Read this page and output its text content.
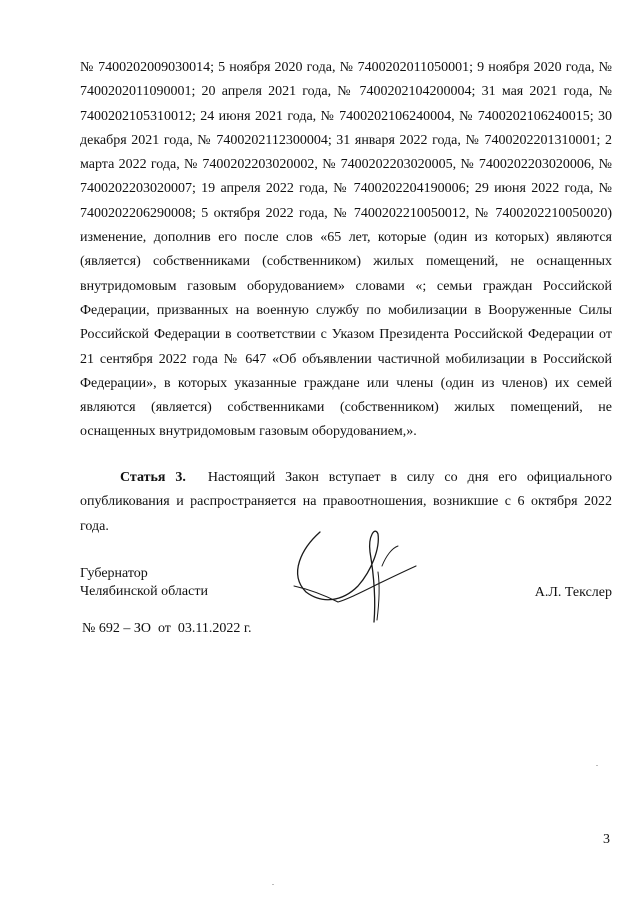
№ 7400202009030014; 5 ноября 2020 года, № 7400202011050001; 9 ноября 2020 года, № 7400202011090001; 20 апреля 2021 года, № 7400202104200004; 31 мая 2021 года, № 7400202105310012; 24 июня 2021 года, № 7400202106240004, № 7400202106240015; 30 декабря 2021 года, № 7400202112300004; 31 января 2022 года, № 7400202201310001; 2 марта 2022 года, № 7400202203020002, № 7400202203020005, № 7400202203020006, № 7400202203020007; 19 апреля 2022 года, № 7400202204190006; 29 июня 2022 года, № 7400202206290008; 5 октября 2022 года, № 7400202210050012, № 7400202210050020) изменение, дополнив его после слов «65 лет, которые (один из которых) являются (является) собственниками (собственником) жилых помещений, не оснащенных внутридомовым газовым оборудованием» словами «; семьи граждан Российской Федерации, призванных на военную службу по мобилизации в Вооруженные Силы Российской Федерации в соответствии с Указом Президента Российской Федерации от 21 сентября 2022 года № 647 «Об объявлении частичной мобилизации в Российской Федерации», в которых указанные граждане или члены (один из членов) их семей являются (является) собственниками (собственником) жилых помещений, не оснащенных внутридомовым газовым оборудованием,».

Статья 3. Настоящий Закон вступает в силу со дня его официального опубликования и распространяется на правоотношения, возникшие с 6 октября 2022 года.

Губернатор
Челябинской области	А.Л. Текслер
№ 692 – ЗО  от  03.11.2022 г.
3
